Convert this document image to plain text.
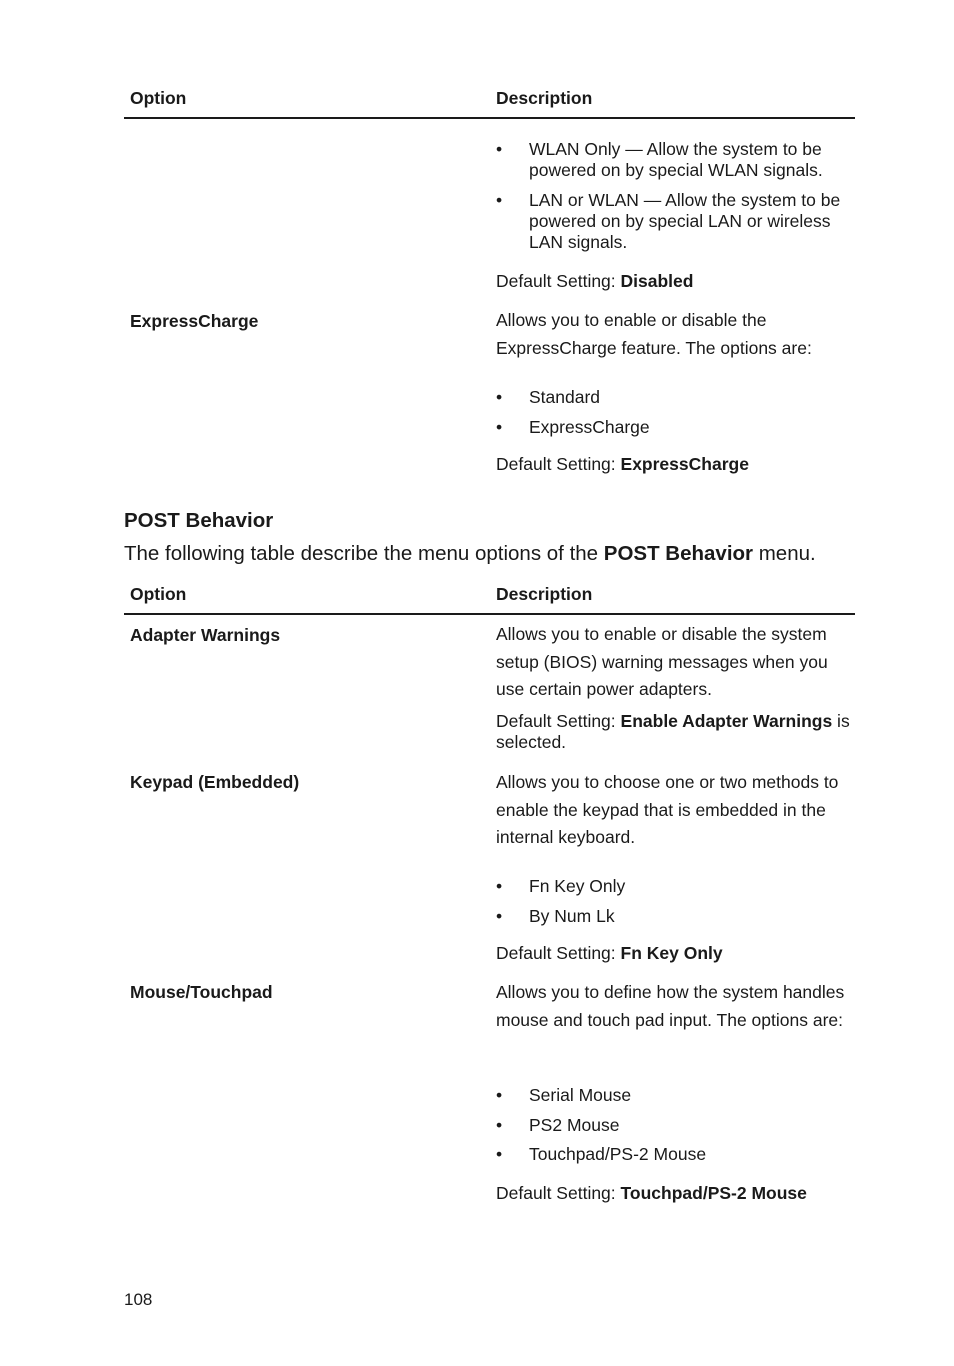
Option	Description
• WLAN Only — Allow the system to be powered on by special WLAN signals.
• LAN or WLAN — Allow the system to be powered on by special LAN or wireless LAN signals.
Default Setting: Disabled
ExpressCharge	Allows you to enable or disable the ExpressCharge feature. The options are:

• Standard
• ExpressCharge
Default Setting: ExpressCharge
POST Behavior
The following table describe the menu options of the POST Behavior menu.
Option	Description
Adapter Warnings	Allows you to enable or disable the system setup (BIOS) warning messages when you use certain power adapters.

Default Setting: Enable Adapter Warnings is selected.
Keypad (Embedded)	Allows you to choose one or two methods to enable the keypad that is embedded in the internal keyboard.

• Fn Key Only
• By Num Lk
Default Setting: Fn Key Only
Mouse/Touchpad	Allows you to define how the system handles mouse and touch pad input. The options are:

• Serial Mouse
• PS2 Mouse
• Touchpad/PS-2 Mouse
Default Setting: Touchpad/PS-2 Mouse
108
